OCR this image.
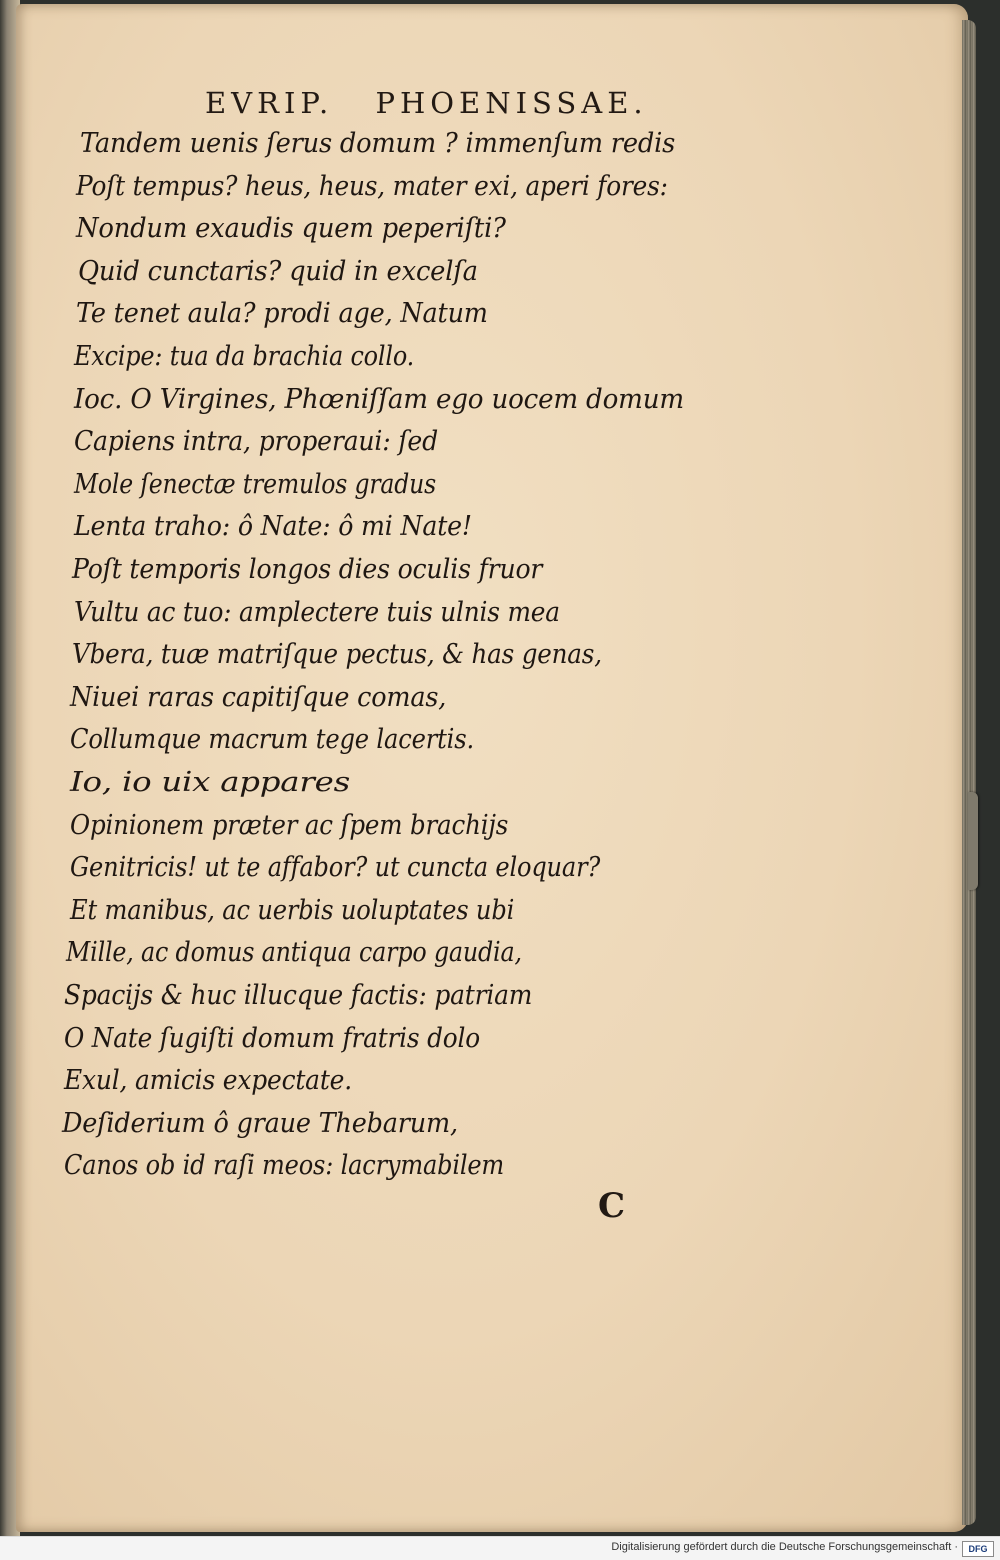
EVRIP. PHOENISSAE.
Tandem uenis ſerus domum ? immenſum redis
Poſt tempus? heus, heus, mater exi, aperi fores:
Nondum exaudis quem peperiſti?
Quid cunctaris? quid in excelſa
Te tenet aula? prodi age, Natum
Excipe: tua da brachia collo.
Ioc. O Virgines, Phœniſſam ego uocem domum
Capiens intra, properaui: ſed
Mole ſenectæ tremulos gradus
Lenta traho: ô Nate: ô mi Nate!
Poſt temporis longos dies oculis fruor
Vultu ac tuo: amplectere tuis ulnis mea
Vbera, tuæ matriſque pectus, & has genas,
Niuei raras capitiſque comas,
Collumque macrum tege lacertis.
Io, io uix appares
Opinionem præter ac ſpem brachijs
Genitricis! ut te affabor? ut cuncta eloquar?
Et manibus, ac uerbis uoluptates ubi
Mille, ac domus antiqua carpo gaudia,
Spacijs & huc illucque factis: patriam
O Nate ſugiſti domum fratris dolo
Exul, amicis expectate.
Deſiderium ô graue Thebarum,
Canos ob id raſi meos: lacrymabilem
C
Digitalisierung gefördert durch die Deutsche Forschungsgemeinschaft ·	DFG
